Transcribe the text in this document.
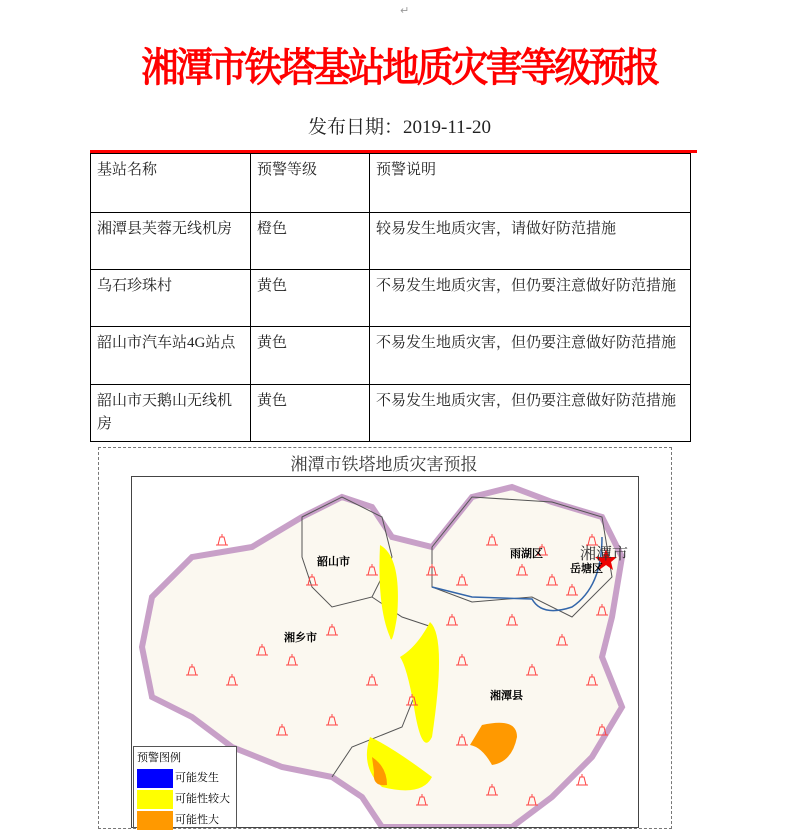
↵
湘潭市铁塔基站地质灾害等级预报
发布日期：2019-11-20
基站名称	预警等级	预警说明
湘潭县芙蓉无线机房	橙色	较易发生地质灾害，请做好防范措施
乌石珍珠村	黄色	不易发生地质灾害，但仍要注意做好防范措施
韶山市汽车站4G站点	黄色	不易发生地质灾害，但仍要注意做好防范措施
韶山市天鹅山无线机房	黄色	不易发生地质灾害，但仍要注意做好防范措施
湘潭市铁塔地质灾害预报
韶山市
湘乡市
雨湖区
岳塘区
湘潭市
湘潭县
预警图例
可能发生
可能性较大
可能性大
